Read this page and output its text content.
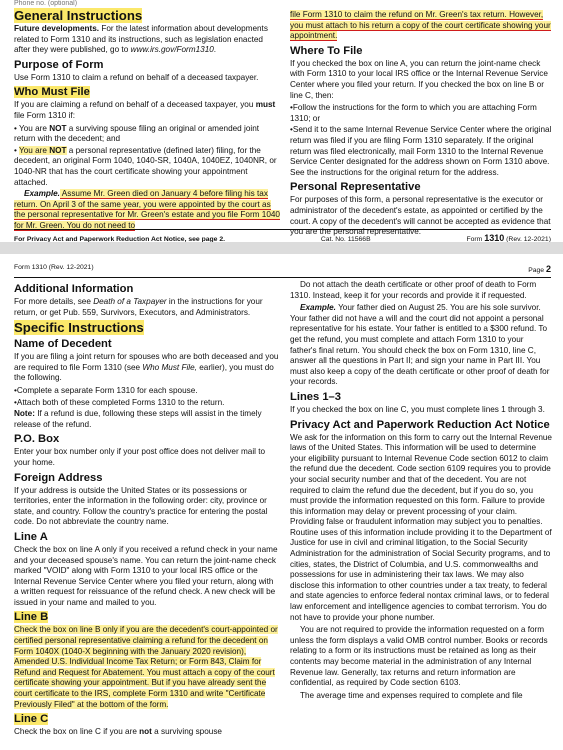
Phone no. (optional)
General Instructions
Future developments. For the latest information about developments related to Form 1310 and its instructions, such as legislation enacted after they were published, go to www.irs.gov/Form1310.
Purpose of Form
Use Form 1310 to claim a refund on behalf of a deceased taxpayer.
Who Must File
If you are claiming a refund on behalf of a deceased taxpayer, you must file Form 1310 if:
• You are NOT a surviving spouse filing an original or amended joint return with the decedent; and
• You are NOT a personal representative (defined later) filing, for the decedent, an original Form 1040, 1040-SR, 1040A, 1040EZ, 1040NR, or 1040-NR that has the court certificate showing your appointment attached.
Example. Assume Mr. Green died on January 4 before filing his tax return. On April 3 of the same year, you were appointed by the court as the personal representative for Mr. Green's estate and you file Form 1040 for Mr. Green. You do not need to
file Form 1310 to claim the refund on Mr. Green's tax return. However, you must attach to his return a copy of the court certificate showing your appointment.
Where To File
If you checked the box on line A, you can return the joint-name check with Form 1310 to your local IRS office or the Internal Revenue Service Center where you filed your return. If you checked the box on line B or line C, then:
• Follow the instructions for the form to which you are attaching Form 1310; or
• Send it to the same Internal Revenue Service Center where the original return was filed if you are filing Form 1310 separately. If the original return was filed electronically, mail Form 1310 to the Internal Revenue Service Center designated for the address shown on Form 1310 above. See the instructions for the original return for the address.
Personal Representative
For purposes of this form, a personal representative is the executor or administrator of the decedent's estate, as appointed or certified by the court. A copy of the decedent's will cannot be accepted as evidence that you are the personal representative.
For Privacy Act and Paperwork Reduction Act Notice, see page 2.	Cat. No. 11566B	Form 1310 (Rev. 12-2021)
Form 1310 (Rev. 12-2021)	Page 2
Additional Information
For more details, see Death of a Taxpayer in the instructions for your return, or get Pub. 559, Survivors, Executors, and Administrators.
Specific Instructions
Name of Decedent
If you are filing a joint return for spouses who are both deceased and you are required to file Form 1310 (see Who Must File, earlier), you must do the following.
• Complete a separate Form 1310 for each spouse.
• Attach both of these completed Forms 1310 to the return.
Note: If a refund is due, following these steps will assist in the timely release of the refund.
P.O. Box
Enter your box number only if your post office does not deliver mail to your home.
Foreign Address
If your address is outside the United States or its possessions or territories, enter the information in the following order: city, province or state, and country. Follow the country's practice for entering the postal code. Do not abbreviate the country name.
Line A
Check the box on line A only if you received a refund check in your name and your deceased spouse's name. You can return the joint-name check marked "VOID" along with Form 1310 to your local IRS office or the Internal Revenue Service Center where you filed your return, along with a written request for reissuance of the refund check. A new check will be issued in your name and mailed to you.
Line B
Check the box on line B only if you are the decedent's court-appointed or certified personal representative claiming a refund for the decedent on Form 1040X (1040-X beginning with the January 2020 revision), Amended U.S. Individual Income Tax Return; or Form 843, Claim for Refund and Request for Abatement. You must attach a copy of the court certificate showing your appointment. But if you have already sent the court certificate to the IRS, complete Form 1310 and write "Certificate Previously Filed" at the bottom of the form.
Line C
Check the box on line C if you are not a surviving spouse
Do not attach the death certificate or other proof of death to Form 1310. Instead, keep it for your records and provide it if requested.
Example. Your father died on August 25. You are his sole survivor. Your father did not have a will and the court did not appoint a personal representative for his estate. Your father is entitled to a $300 refund. To get the refund, you must complete and attach Form 1310 to your father's final return. You should check the box on Form 1310, line C, answer all the questions in Part II; and sign your name in Part III. You must also keep a copy of the death certificate or other proof of death for your records.
Lines 1–3
If you checked the box on line C, you must complete lines 1 through 3.
Privacy Act and Paperwork Reduction Act Notice
We ask for the information on this form to carry out the Internal Revenue laws of the United States. This information will be used to determine your eligibility pursuant to Internal Revenue Code section 6012 to claim the refund due the decedent. Code section 6109 requires you to provide your social security number and that of the decedent. You are not required to claim the refund due the decedent, but if you do so, you must provide the information requested on this form. Failure to provide this information may delay or prevent processing of your claim. Providing false or fraudulent information may subject you to penalties. Routine uses of this information include providing it to the Department of Justice for use in civil and criminal litigation, to the Social Security Administration for the administration of Social Security programs, and to cities, states, the District of Columbia, and U.S. commonwealths and possessions for use in administering their tax laws. We may also disclose this information to other countries under a tax treaty, to federal and state agencies to enforce federal nontax criminal laws, or to federal law enforcement and intelligence agencies to combat terrorism. You do not have to provide your phone number.
You are not required to provide the information requested on a form unless the form displays a valid OMB control number. Books or records relating to a form or its instructions must be retained as long as their contents may become material in the administration of any Internal Revenue law. Generally, tax returns and return information are confidential, as required by Code section 6103.
The average time and expenses required to complete and file
